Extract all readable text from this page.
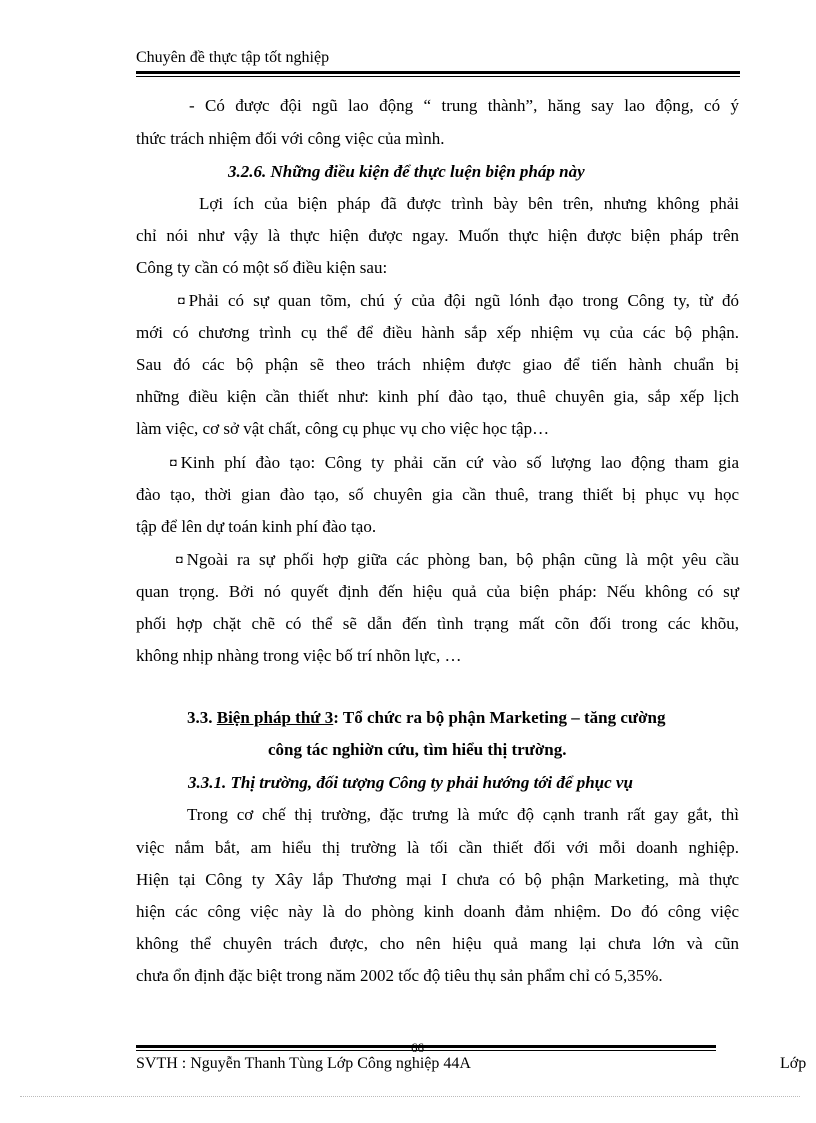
Chuyên đề thực tập tốt nghiệp
- Có được đội ngũ lao động “ trung thành”, hăng say lao động, có ý
thức trách nhiệm đối với công việc của mình.
3.2.6. Những điều kiện để thực luện biện pháp này
Lợi ích của biện pháp đã được trình bày bên trên, nhưng không phải
chỉ nói như vậy là thực hiện được ngay. Muốn thực hiện được biện pháp trên
Công ty cần có một số điều kiện sau:
◘ Phải có sự quan tõm, chú ý của đội ngũ lónh đạo trong Công ty, từ đó
mới có chương trình cụ thể để điều hành sắp xếp nhiệm vụ của các bộ phận.
Sau đó các bộ phận sẽ theo trách nhiệm được giao để tiến hành chuẩn bị
những điều kiện cần thiết như: kinh phí đào tạo, thuê chuyên gia, sắp xếp lịch
làm việc, cơ sở vật chất, công cụ phục vụ cho việc học tập…
◘ Kinh phí đào tạo: Công ty phải căn cứ vào số lượng lao động tham gia
đào tạo, thời gian đào tạo, số chuyên gia cần thuê, trang thiết bị phục vụ học
tập để lên dự toán kinh phí đào tạo.
◘ Ngoài ra sự phối hợp giữa các phòng ban, bộ phận cũng là một yêu cầu
quan trọng. Bởi nó quyết định đến hiệu quả của biện pháp: Nếu không có sự
phối hợp chặt chẽ có thể sẽ dẫn đến tình trạng mất cõn đối trong các khõu,
không nhịp nhàng trong việc bố trí nhõn lực, …
3.3. Biện pháp thứ 3: Tổ chức ra bộ phận Marketing – tăng cường
công tác nghiờn cứu, tìm hiểu thị trường.
3.3.1. Thị trường, đối tượng Công ty phải hướng tới để phục vụ
Trong cơ chế thị trường, đặc trưng là mức độ cạnh tranh rất gay gắt, thì
việc nắm bắt, am hiểu thị trường là tối cần thiết đối với mỗi doanh nghiệp.
Hiện tại Công ty Xây lắp Thương mại I chưa có bộ phận Marketing, mà thực
hiện các công việc này là do phòng kinh doanh đảm nhiệm. Do đó công việc
không thể chuyên trách được, cho nên hiệu quả mang lại chưa lớn và cũn
chưa ổn định đặc biệt trong năm 2002 tốc độ tiêu thụ sản phẩm chỉ có 5,35%.
66
SVTH : Nguyễn Thanh Tùng Lớp Công nghiệp 44A	Lớp
